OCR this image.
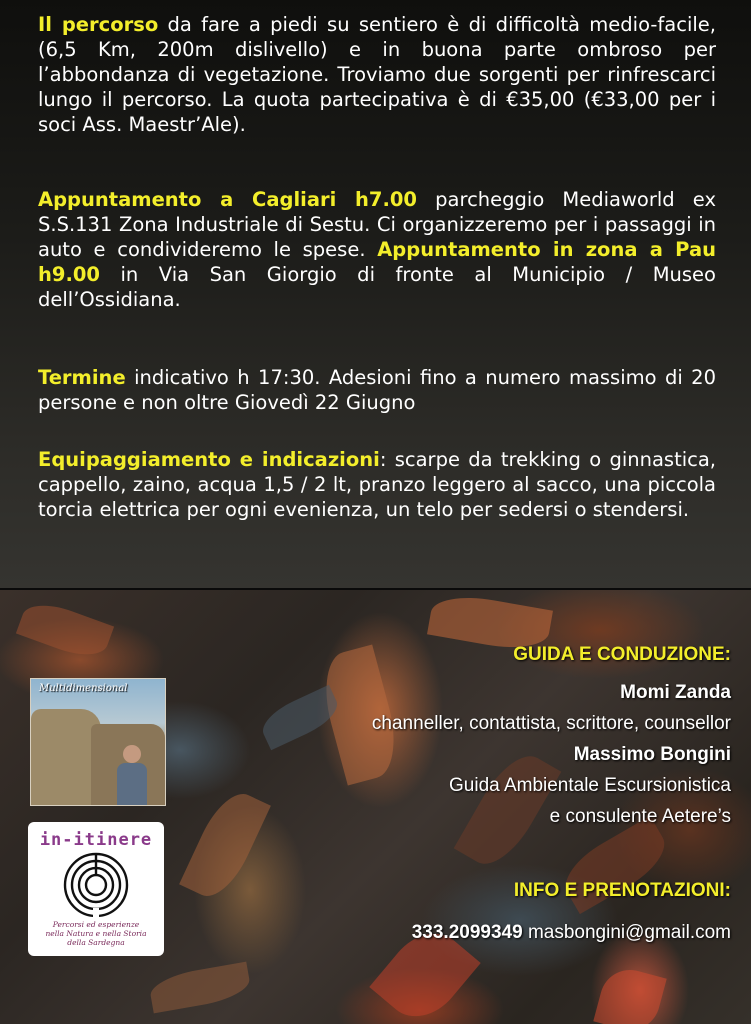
Il percorso da fare a piedi su sentiero è di difficoltà medio-facile, (6,5 Km, 200m dislivello) e in buona parte ombroso per l’abbondanza di vegetazione. Troviamo due sorgenti per rinfrescarci lungo il percorso. La quota partecipativa è di €35,00 (€33,00 per i soci Ass. Maestr’Ale).

Appuntamento a Cagliari h7.00 parcheggio Mediaworld ex S.S.131 Zona Industriale di Sestu. Ci organizzeremo per i passaggi in auto e condivideremo le spese. Appuntamento in zona a Pau h9.00 in Via San Giorgio di fronte al Municipio / Museo dell’Ossidiana.

Termine indicativo h 17:30. Adesioni fino a numero massimo di 20 persone e non oltre Giovedì 22 Giugno

Equipaggiamento e indicazioni: scarpe da trekking o ginnastica, cappello, zaino, acqua 1,5 / 2 lt, pranzo leggero al sacco, una piccola torcia elettrica per ogni evenienza, un telo per sedersi o stendersi.

GUIDA E CONDUZIONE:
Momi Zanda
channeller, contattista, scrittore, counsellor
Massimo Bongini
Guida Ambientale Escursionistica
e consulente Aetere’s
Multidimensional
in-itinere
Percorsi ed esperienze
nella Natura e nella Storia
della Sardegna
INFO E PRENOTAZIONI:
333.2099349 masbongini@gmail.com
